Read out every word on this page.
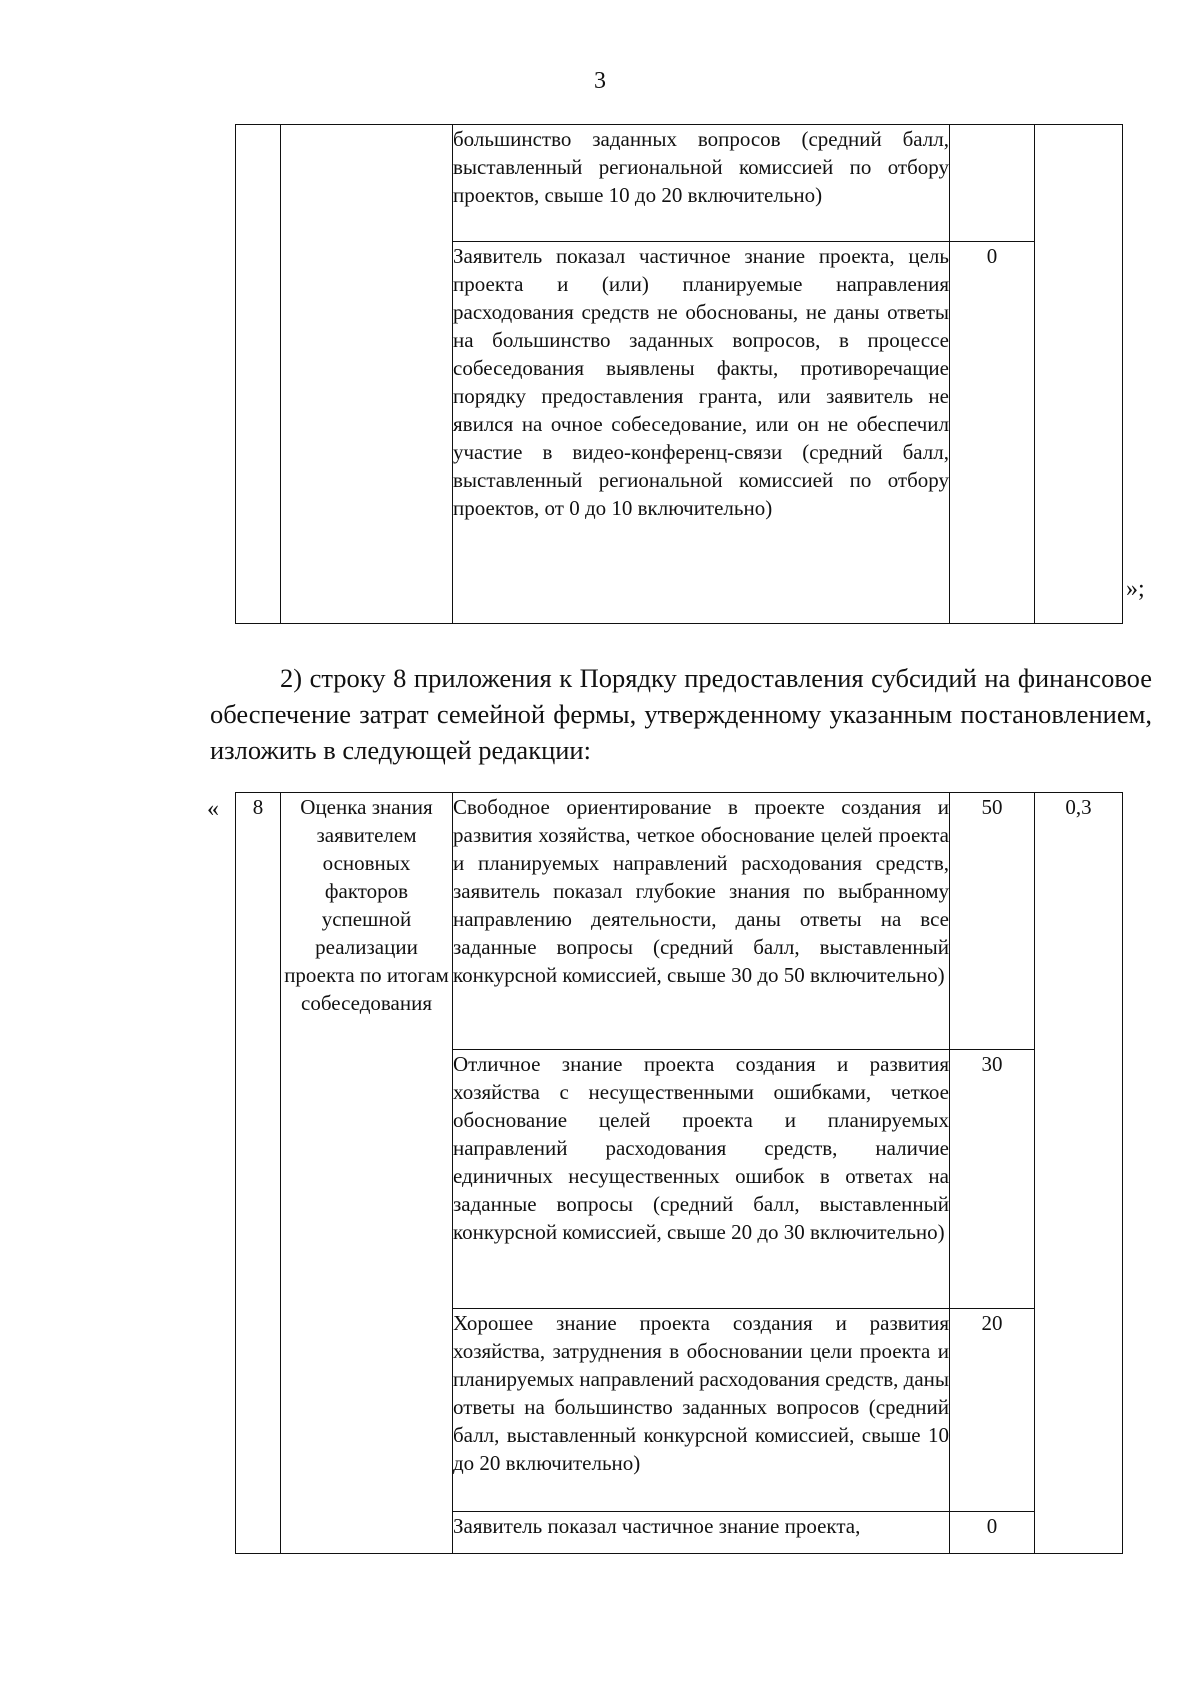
3
		большинство заданных вопросов (средний балл, выставленный региональной комиссией по отбору проектов, свыше 10 до 20 включительно)		
		Заявитель показал частичное знание проекта, цель проекта и (или) планируемые направления расходования средств не обоснованы, не даны ответы на большинство заданных вопросов, в процессе собеседования выявлены факты, противоречащие порядку предоставления гранта, или заявитель не явился на очное собеседование, или он не обеспечил участие в видео-конференц-связи (средний балл, выставленный региональной комиссией по отбору проектов, от 0 до 10 включительно)	0	
»;
2) строку 8 приложения к Порядку предоставления субсидий на финансовое обеспечение затрат семейной фермы, утвержденному указанным постановлением, изложить в следующей редакции:
« 8	Оценка знания заявителем основных факторов успешной реализации проекта по итогам собеседования	Свободное ориентирование в проекте создания и развития хозяйства, четкое обоснование целей проекта и планируемых направлений расходования средств, заявитель показал глубокие знания по выбранному направлению деятельности, даны ответы на все заданные вопросы (средний балл, выставленный конкурсной комиссией, свыше 30 до 50 включительно)	50	0,3
		Отличное знание проекта создания и развития хозяйства с несущественными ошибками, четкое обоснование целей проекта и планируемых направлений расходования средств, наличие единичных несущественных ошибок в ответах на заданные вопросы (средний балл, выставленный конкурсной комиссией, свыше 20 до 30 включительно)	30	
		Хорошее знание проекта создания и развития хозяйства, затруднения в обосновании цели проекта и планируемых направлений расходования средств, даны ответы на большинство заданных вопросов (средний балл, выставленный конкурсной комиссией, свыше 10 до 20 включительно)	20	
		Заявитель показал частичное знание проекта,	0	
